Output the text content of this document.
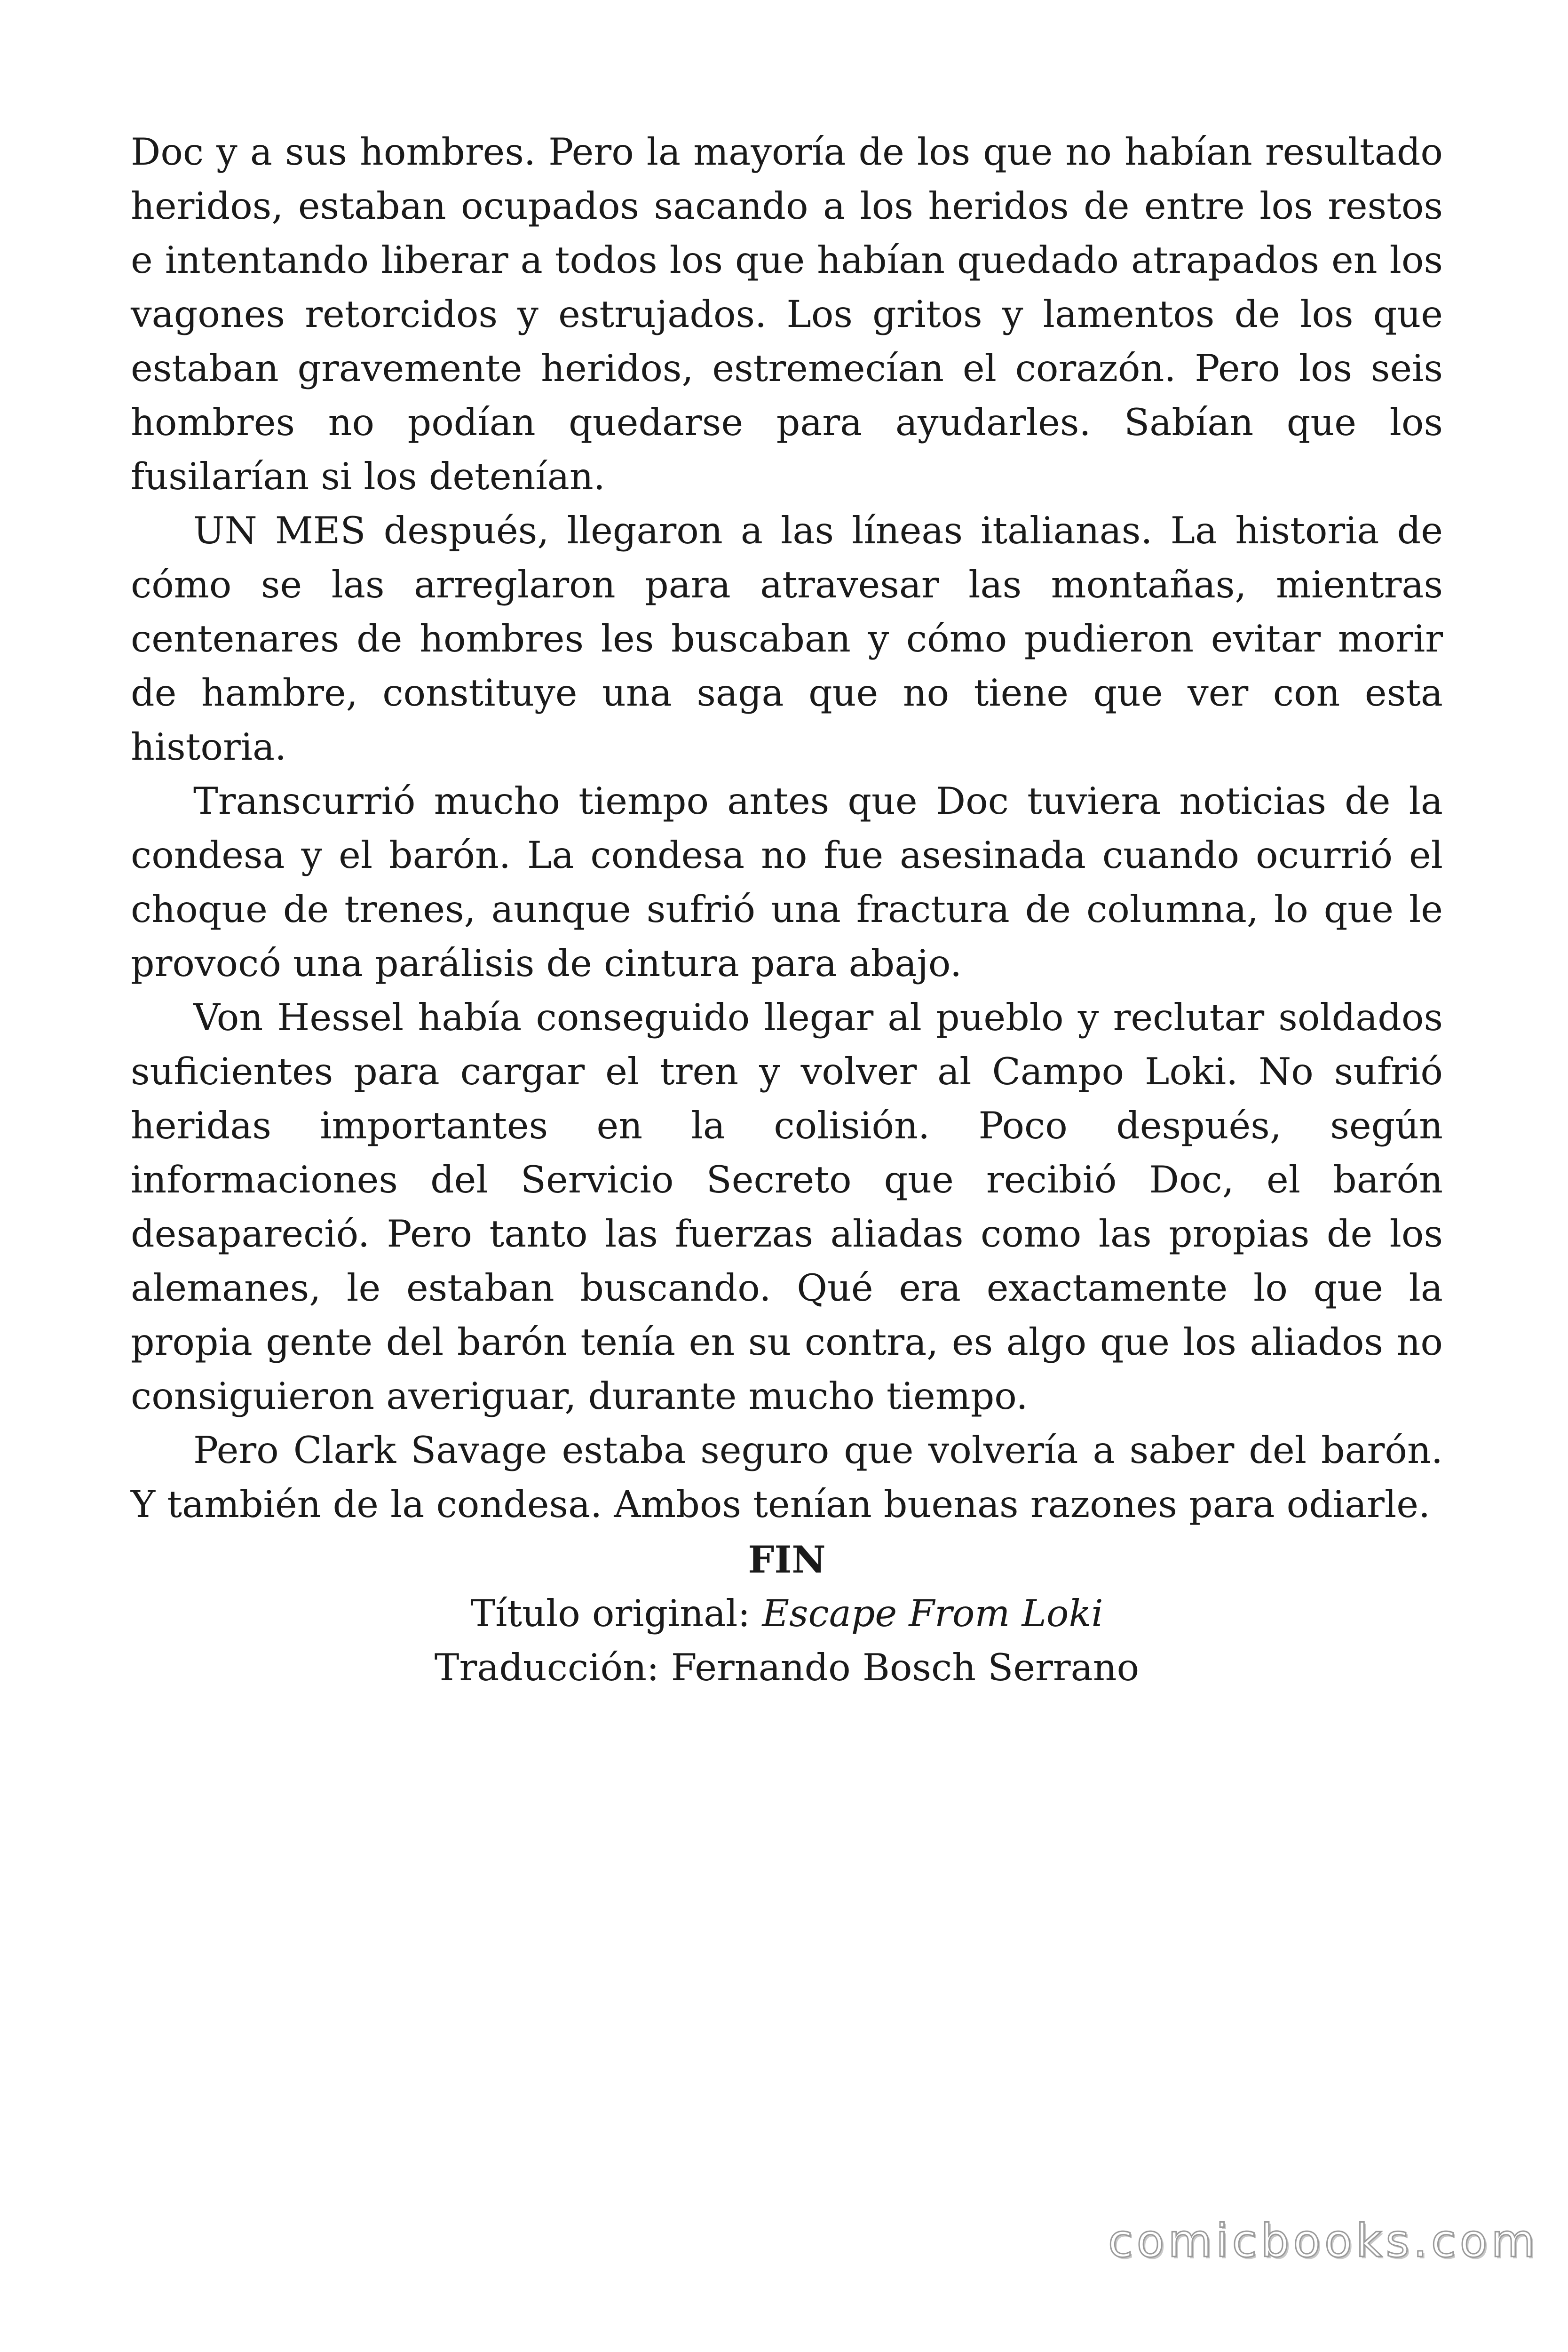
Doc y a sus hombres. Pero la mayoría de los que no habían resultado heridos, estaban ocupados sacando a los heridos de entre los restos e intentando liberar a todos los que habían quedado atrapados en los vagones retorcidos y estrujados. Los gritos y lamentos de los que estaban gravemente heridos, estremecían el corazón. Pero los seis hombres no podían quedarse para ayudarles. Sabían que los fusilarían si los detenían.

UN MES después, llegaron a las líneas italianas. La historia de cómo se las arreglaron para atravesar las montañas, mientras centenares de hombres les buscaban y cómo pudieron evitar morir de hambre, constituye una saga que no tiene que ver con esta historia.

Transcurrió mucho tiempo antes que Doc tuviera noticias de la condesa y el barón. La condesa no fue asesinada cuando ocurrió el choque de trenes, aunque sufrió una fractura de columna, lo que le provocó una parálisis de cintura para abajo.

Von Hessel había conseguido llegar al pueblo y reclutar soldados suficientes para cargar el tren y volver al Campo Loki. No sufrió heridas importantes en la colisión. Poco después, según informaciones del Servicio Secreto que recibió Doc, el barón desapareció. Pero tanto las fuerzas aliadas como las propias de los alemanes, le estaban buscando. Qué era exactamente lo que la propia gente del barón tenía en su contra, es algo que los aliados no consiguieron averiguar, durante mucho tiempo.

Pero Clark Savage estaba seguro que volvería a saber del barón. Y también de la condesa. Ambos tenían buenas razones para odiarle.

FIN
Título original: Escape From Loki
Traducción: Fernando Bosch Serrano
comicbooks.com
